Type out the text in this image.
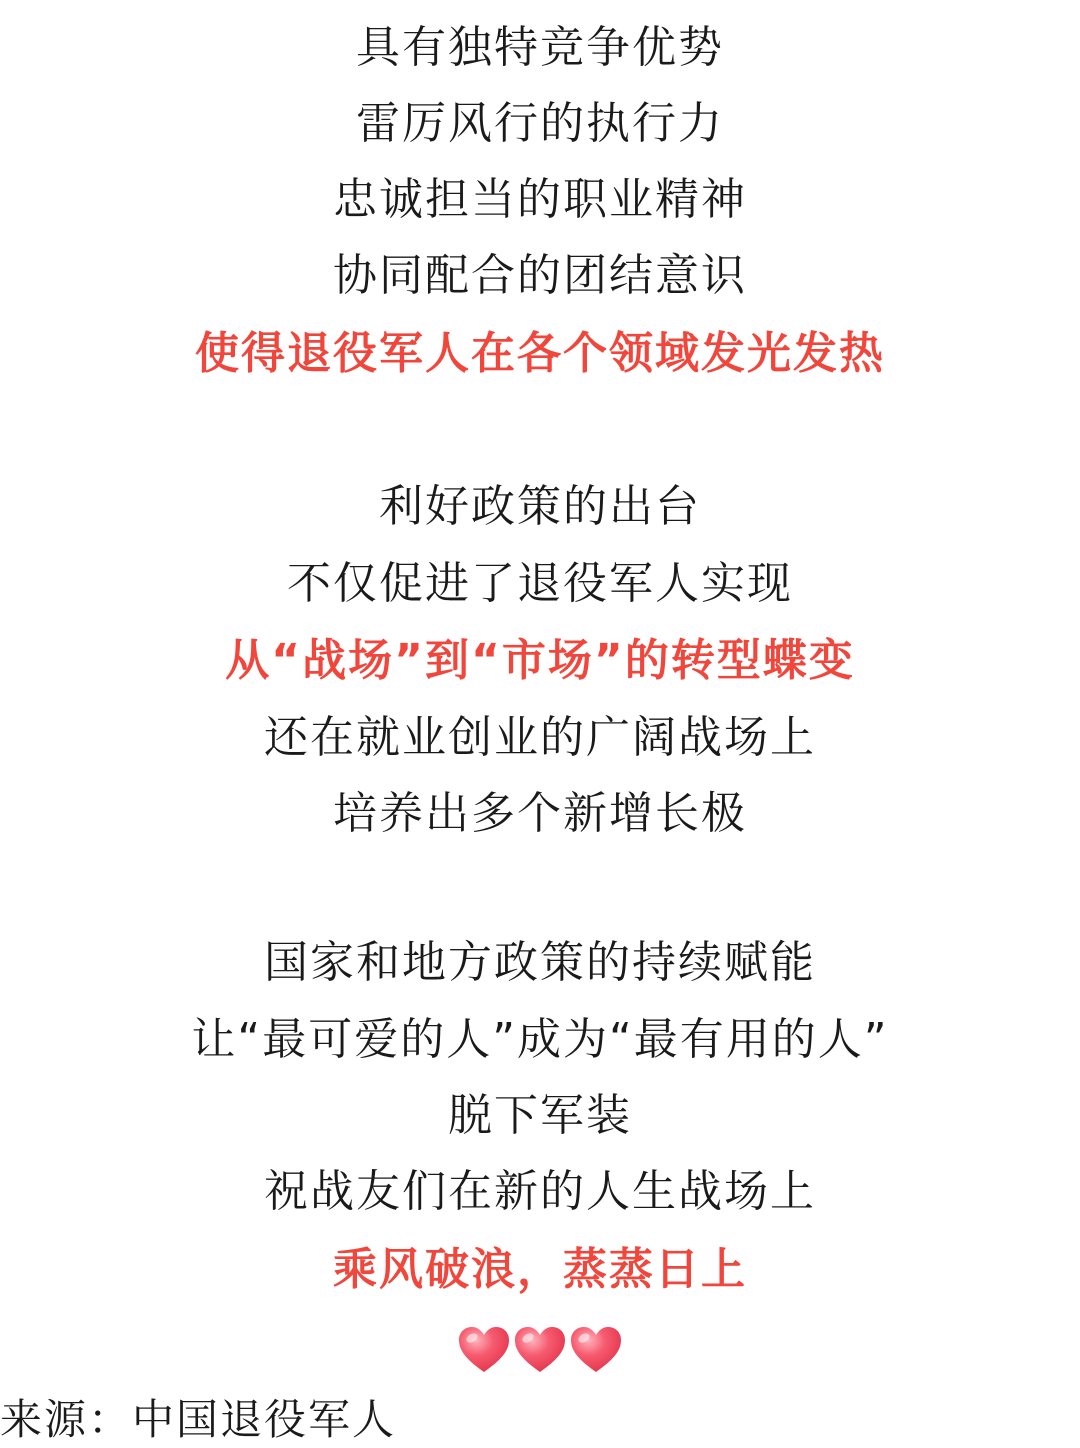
具有独特竞争优势
雷厉风行的执行力
忠诚担当的职业精神
协同配合的团结意识
使得退役军人在各个领域发光发热
利好政策的出台
不仅促进了退役军人实现
从“战场”到“市场”的转型蝶变
还在就业创业的广阔战场上
培养出多个新增长极
国家和地方政策的持续赋能
让“最可爱的人”成为“最有用的人”
脱下军装
祝战友们在新的人生战场上
乘风破浪，蒸蒸日上
来源：中国退役军人
